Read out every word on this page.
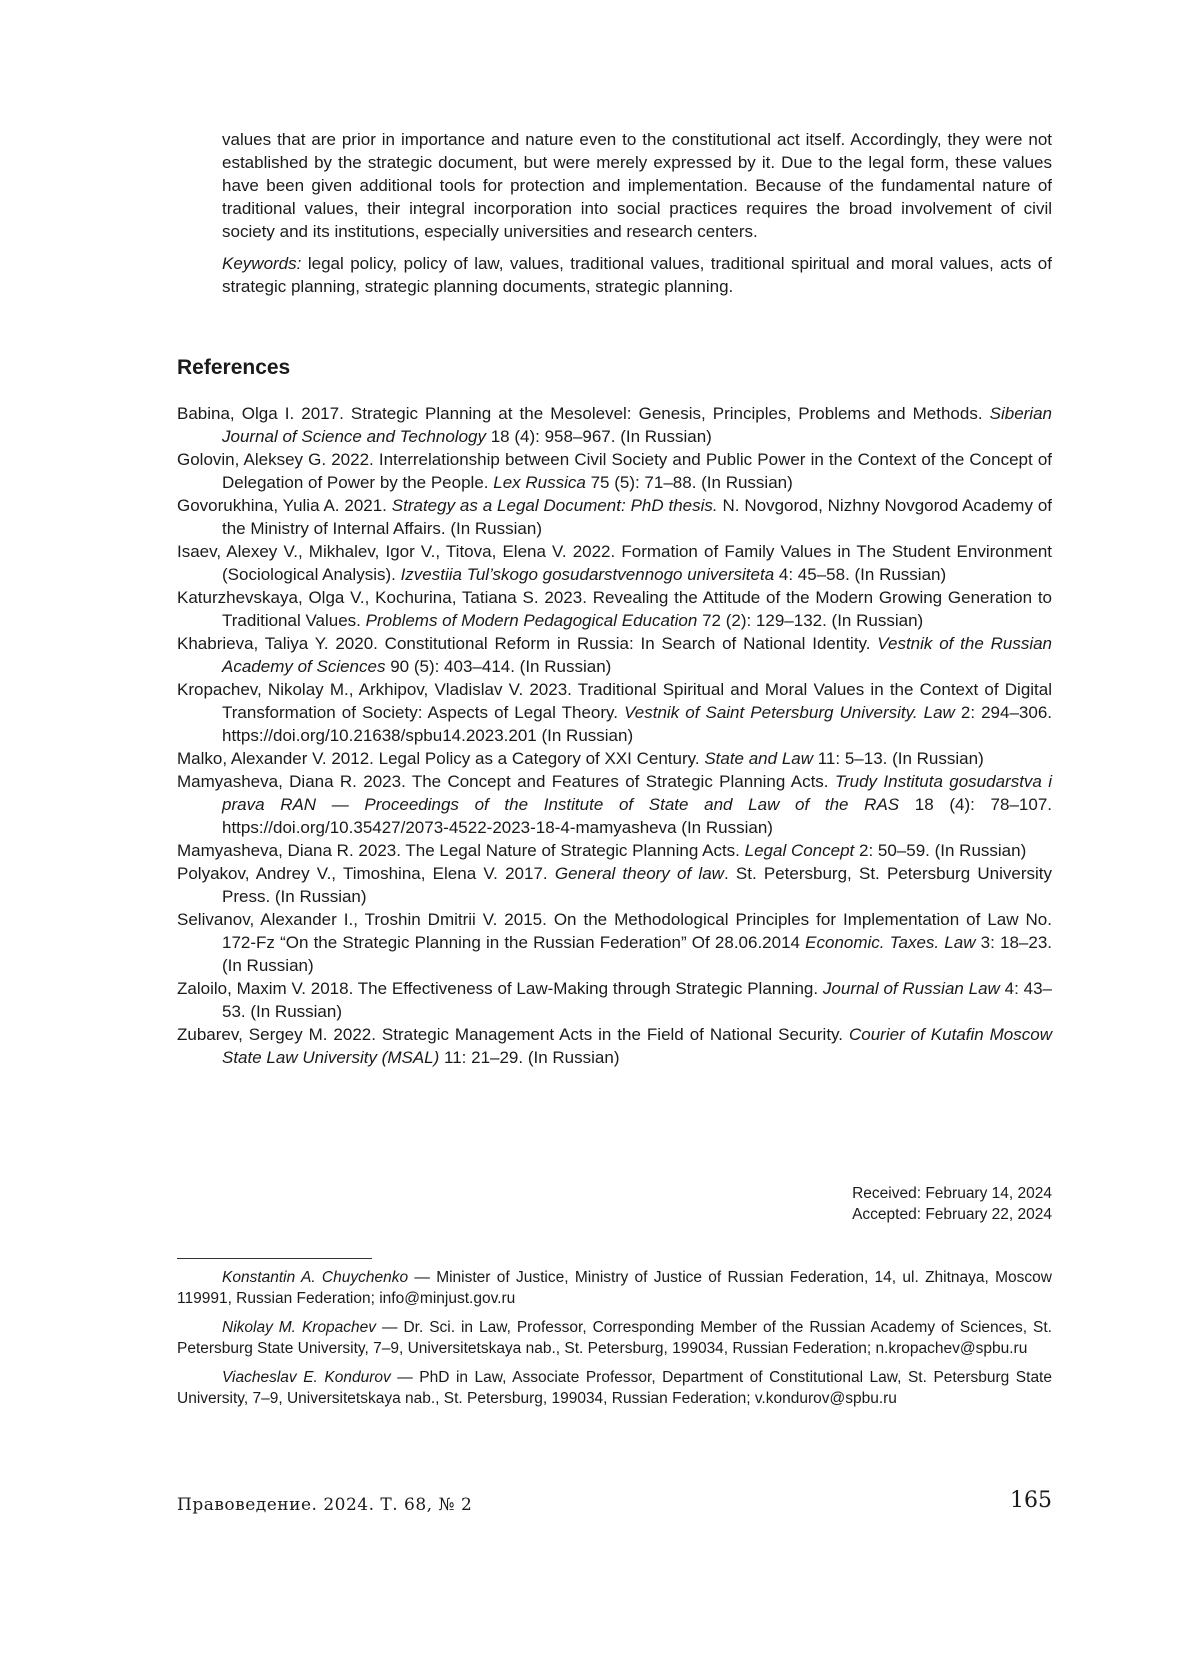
values that are prior in importance and nature even to the constitutional act itself. Accordingly, they were not established by the strategic document, but were merely expressed by it. Due to the legal form, these values have been given additional tools for protection and implementation. Because of the fundamental nature of traditional values, their integral incorporation into social practices requires the broad involvement of civil society and its institutions, especially universities and research centers.

Keywords: legal policy, policy of law, values, traditional values, traditional spiritual and moral values, acts of strategic planning, strategic planning documents, strategic planning.

References
Babina, Olga I. 2017. Strategic Planning at the Mesolevel: Genesis, Principles, Problems and Methods. Siberian Journal of Science and Technology 18 (4): 958–967. (In Russian)
Golovin, Aleksey G. 2022. Interrelationship between Civil Society and Public Power in the Context of the Concept of Delegation of Power by the People. Lex Russica 75 (5): 71–88. (In Russian)
Govorukhina, Yulia A. 2021. Strategy as a Legal Document: PhD thesis. N. Novgorod, Nizhny Novgorod Academy of the Ministry of Internal Affairs. (In Russian)
Isaev, Alexey V., Mikhalev, Igor V., Titova, Elena V. 2022. Formation of Family Values in The Student Environment (Sociological Analysis). Izvestiia Tul’skogo gosudarstvennogo universiteta 4: 45–58. (In Russian)
Katurzhevskaya, Olga V., Kochurina, Tatiana S. 2023. Revealing the Attitude of the Modern Growing Generation to Traditional Values. Problems of Modern Pedagogical Education 72 (2): 129–132. (In Russian)
Khabrieva, Taliya Y. 2020. Constitutional Reform in Russia: In Search of National Identity. Vestnik of the Russian Academy of Sciences 90 (5): 403–414. (In Russian)
Kropachev, Nikolay M., Arkhipov, Vladislav V. 2023. Traditional Spiritual and Moral Values in the Context of Digital Transformation of Society: Aspects of Legal Theory. Vestnik of Saint Petersburg University. Law 2: 294–306. https://doi.org/10.21638/spbu14.2023.201 (In Russian)
Malko, Alexander V. 2012. Legal Policy as a Category of XXI Century. State and Law 11: 5–13. (In Russian)
Mamyasheva, Diana R. 2023. The Concept and Features of Strategic Planning Acts. Trudy Instituta gosudarstva i prava RAN — Proceedings of the Institute of State and Law of the RAS 18 (4): 78–107. https://doi.org/10.35427/2073-4522-2023-18-4-mamyasheva (In Russian)
Mamyasheva, Diana R. 2023. The Legal Nature of Strategic Planning Acts. Legal Concept 2: 50–59. (In Russian)
Polyakov, Andrey V., Timoshina, Elena V. 2017. General theory of law. St. Petersburg, St. Petersburg University Press. (In Russian)
Selivanov, Alexander I., Troshin Dmitrii V. 2015. On the Methodological Principles for Implementation of Law No. 172-Fz “On the Strategic Planning in the Russian Federation” Of 28.06.2014 Economic. Taxes. Law 3: 18–23. (In Russian)
Zaloilo, Maxim V. 2018. The Effectiveness of Law-Making through Strategic Planning. Journal of Russian Law 4: 43–53. (In Russian)
Zubarev, Sergey M. 2022. Strategic Management Acts in the Field of National Security. Courier of Kutafin Moscow State Law University (MSAL) 11: 21–29. (In Russian)
Received: February 14, 2024
Accepted: February 22, 2024

Konstantin A. Chuychenko — Minister of Justice, Ministry of Justice of Russian Federation, 14, ul. Zhitnaya, Moscow 119991, Russian Federation; info@minjust.gov.ru

Nikolay M. Kropachev — Dr. Sci. in Law, Professor, Corresponding Member of the Russian Academy of Sciences, St. Petersburg State University, 7–9, Universitetskaya nab., St. Petersburg, 199034, Russian Federation; n.kropachev@spbu.ru

Viacheslav E. Kondurov — PhD in Law, Associate Professor, Department of Constitutional Law, St. Petersburg State University, 7–9, Universitetskaya nab., St. Petersburg, 199034, Russian Federation; v.kondurov@spbu.ru

Правоведение. 2024. Т. 68, № 2	165
